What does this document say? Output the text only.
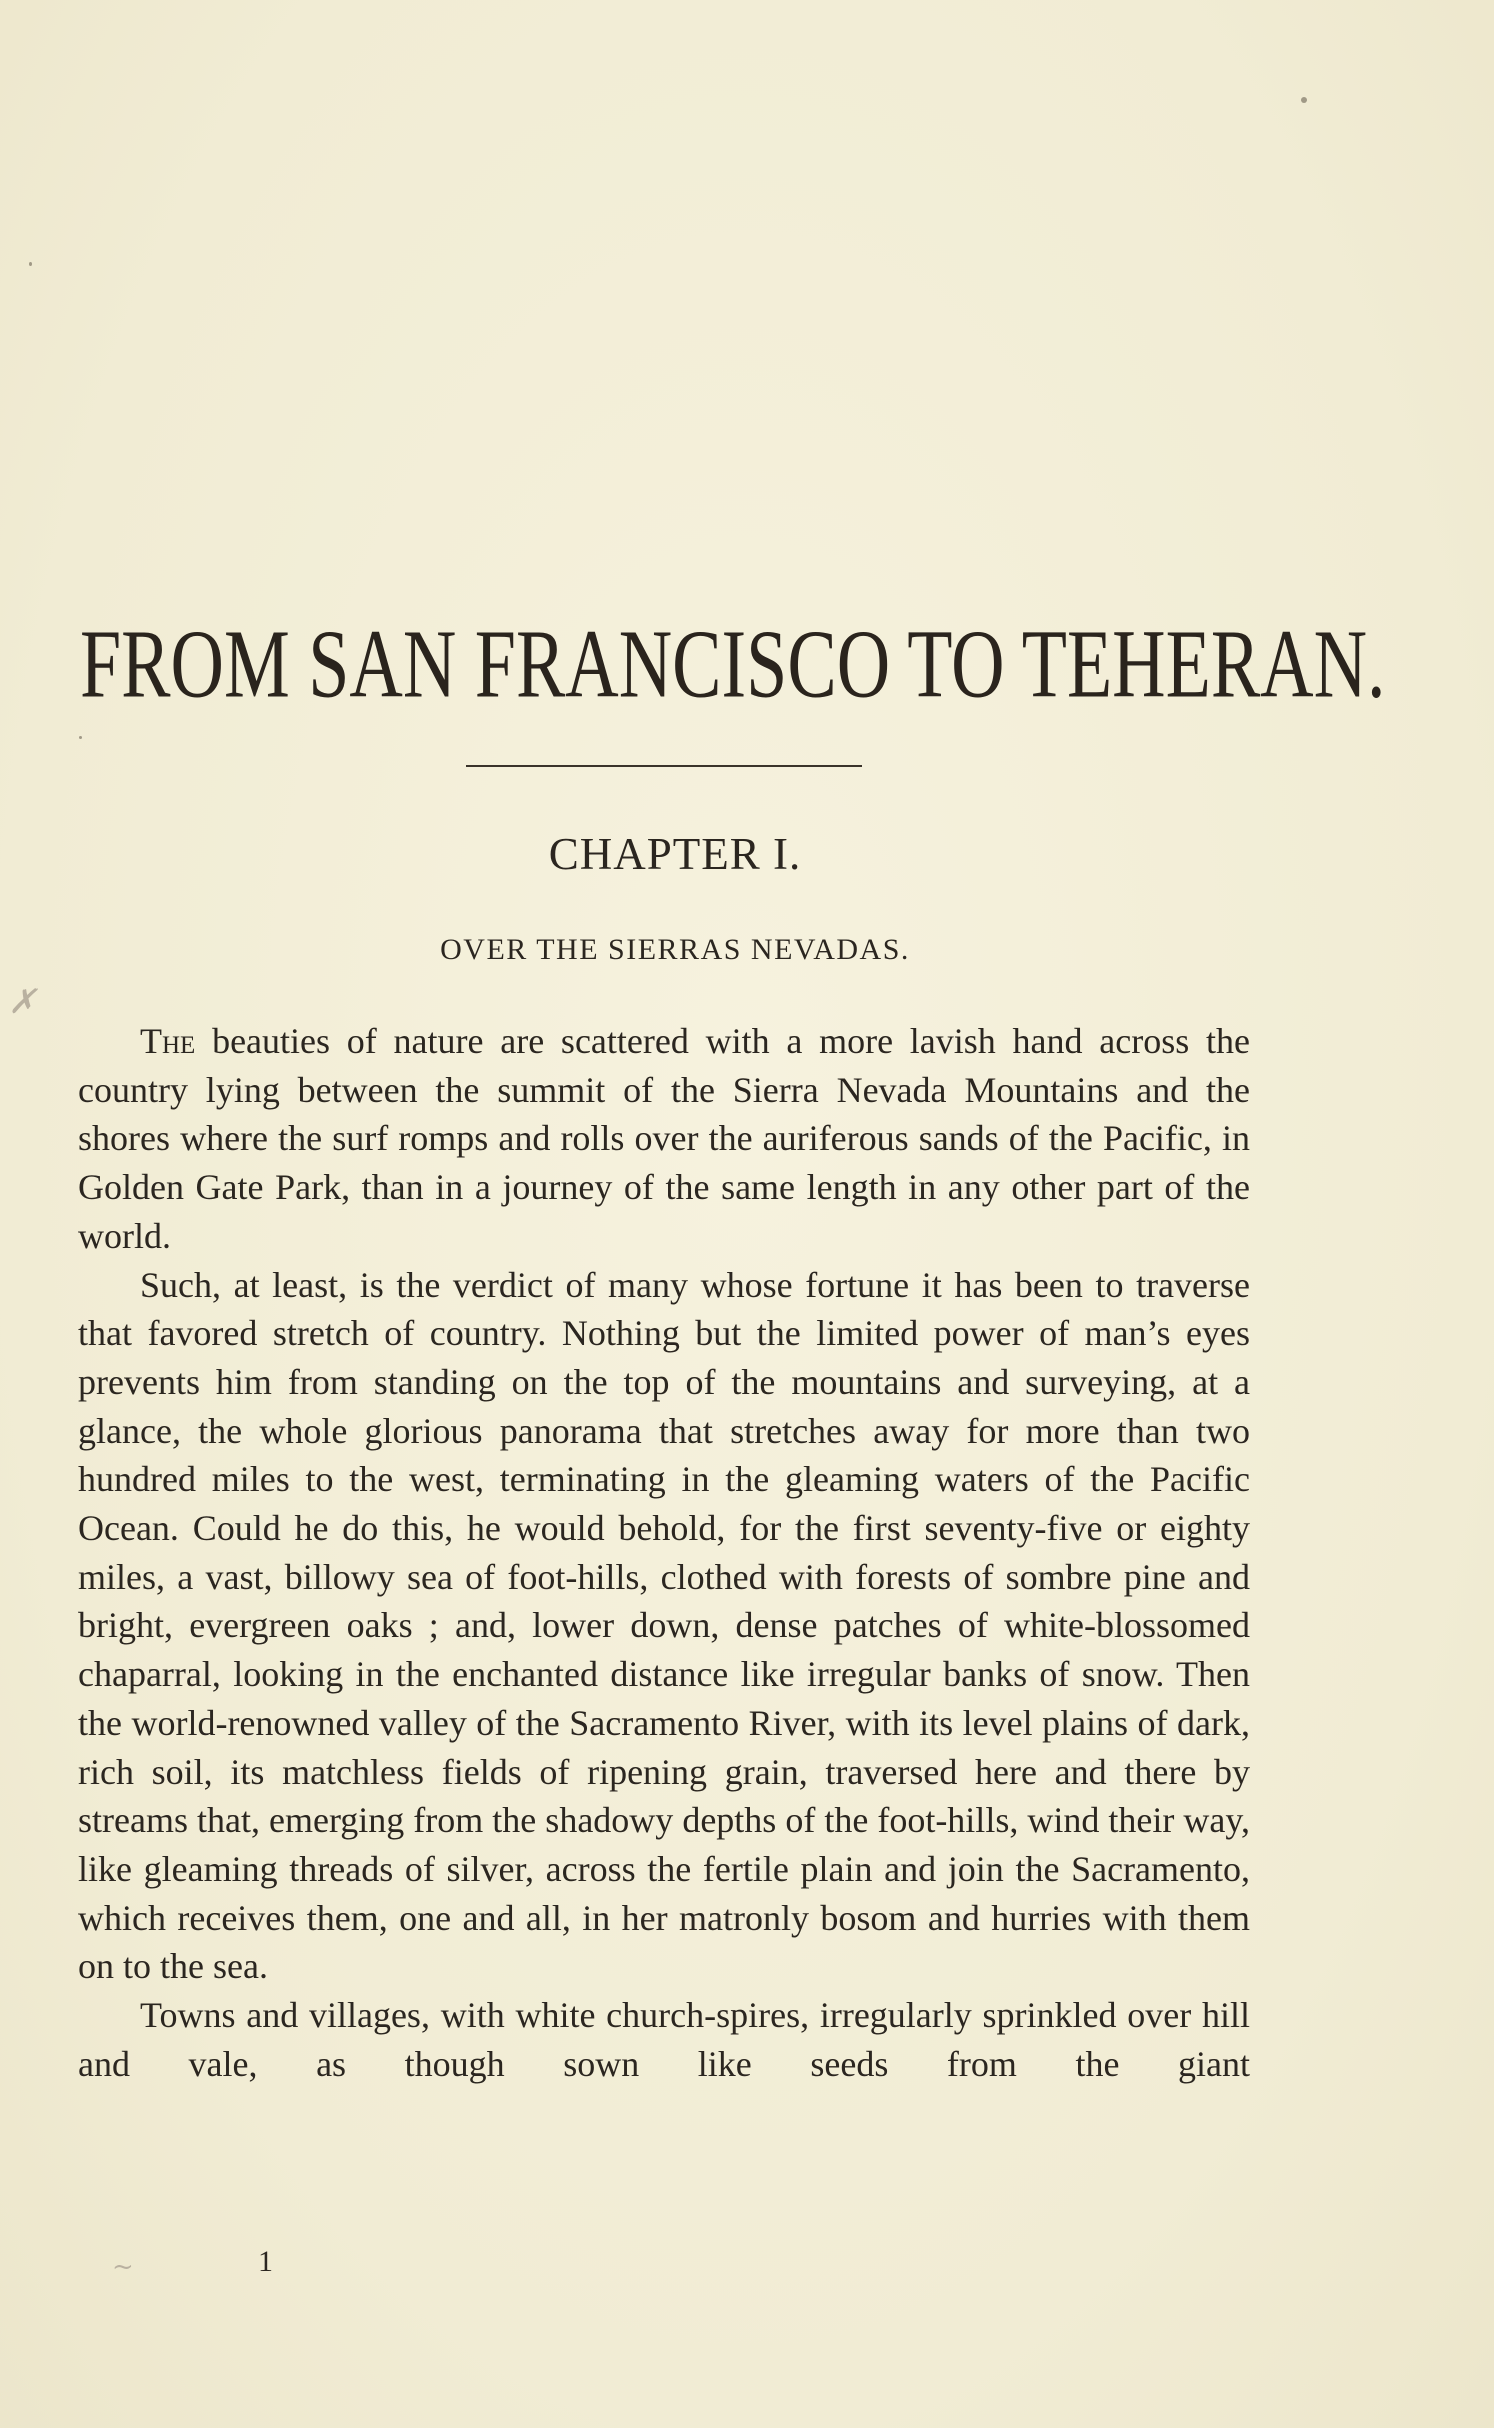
✗
~
FROM SAN FRANCISCO TO TEHERAN.
CHAPTER I.
OVER THE SIERRAS NEVADAS.

The beauties of nature are scattered with a more lavish hand across the country lying between the summit of the Sierra Nevada Mountains and the shores where the surf romps and rolls over the auriferous sands of the Pacific, in Golden Gate Park, than in a journey of the same length in any other part of the world.

Such, at least, is the verdict of many whose fortune it has been to traverse that favored stretch of country. Nothing but the limited power of man’s eyes prevents him from standing on the top of the mountains and surveying, at a glance, the whole glorious panorama that stretches away for more than two hundred miles to the west, terminating in the gleaming waters of the Pacific Ocean. Could he do this, he would behold, for the first seventy-five or eighty miles, a vast, billowy sea of foot-hills, clothed with forests of sombre pine and bright, evergreen oaks ; and, lower down, dense patches of white-blossomed chaparral, looking in the enchanted distance like irregular banks of snow. Then the world-renowned valley of the Sacramento River, with its level plains of dark, rich soil, its matchless fields of ripening grain, traversed here and there by streams that, emerging from the shadowy depths of the foot-hills, wind their way, like gleaming threads of silver, across the fertile plain and join the Sacramento, which receives them, one and all, in her matronly bosom and hurries with them on to the sea.

Towns and villages, with white church-spires, irregularly sprinkled over hill and vale, as though sown like seeds from the giant

1
